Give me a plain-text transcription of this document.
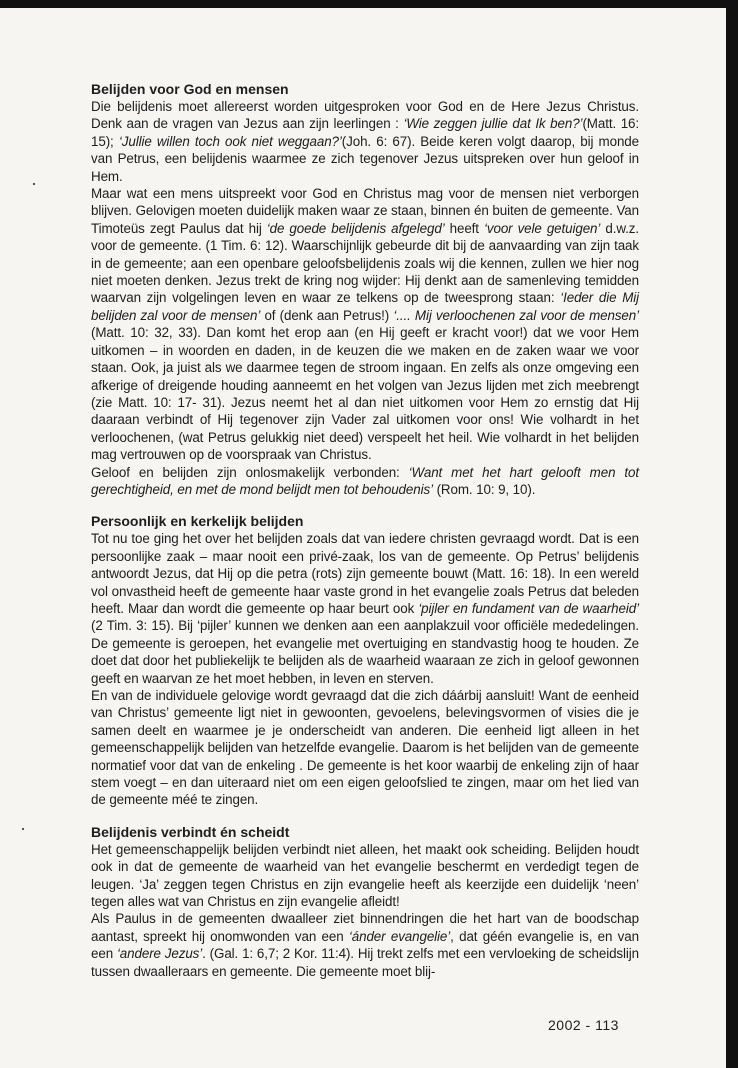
Belijden voor God en mensen

Die belijdenis moet allereerst worden uitgesproken voor God en de Here Jezus Christus. Denk aan de vragen van Jezus aan zijn leerlingen : ‘Wie zeggen jullie dat Ik ben?’(Matt. 16: 15); ‘Jullie willen toch ook niet weggaan?’(Joh. 6: 67). Beide keren volgt daarop, bij monde van Petrus, een belijdenis waarmee ze zich tegenover Jezus uitspreken over hun geloof in Hem.

Maar wat een mens uitspreekt voor God en Christus mag voor de mensen niet verborgen blijven. Gelovigen moeten duidelijk maken waar ze staan, binnen én buiten de gemeente. Van Timoteüs zegt Paulus dat hij ‘de goede belijdenis afgelegd’ heeft ‘voor vele getuigen’ d.w.z. voor de gemeente. (1 Tim. 6: 12). Waarschijnlijk gebeurde dit bij de aanvaarding van zijn taak in de gemeente; aan een openbare geloofsbelijdenis zoals wij die kennen, zullen we hier nog niet moeten denken. Jezus trekt de kring nog wijder: Hij denkt aan de samenleving temidden waarvan zijn volgelingen leven en waar ze telkens op de tweesprong staan: ‘Ieder die Mij belijden zal voor de mensen’ of (denk aan Petrus!) ‘.... Mij verloochenen zal voor de mensen’ (Matt. 10: 32, 33). Dan komt het erop aan (en Hij geeft er kracht voor!) dat we voor Hem uitkomen – in woorden en daden, in de keuzen die we maken en de zaken waar we voor staan. Ook, ja juist als we daarmee tegen de stroom ingaan. En zelfs als onze omgeving een afkerige of dreigende houding aanneemt en het volgen van Jezus lijden met zich meebrengt (zie Matt. 10: 17- 31). Jezus neemt het al dan niet uitkomen voor Hem zo ernstig dat Hij daaraan verbindt of Hij tegenover zijn Vader zal uitkomen voor ons! Wie volhardt in het verloochenen, (wat Petrus gelukkig niet deed) verspeelt het heil. Wie volhardt in het belijden mag vertrouwen op de voorspraak van Christus.

Geloof en belijden zijn onlosmakelijk verbonden: ‘Want met het hart gelooft men tot gerechtigheid, en met de mond belijdt men tot behoudenis’ (Rom. 10: 9, 10).

Persoonlijk en kerkelijk belijden

Tot nu toe ging het over het belijden zoals dat van iedere christen gevraagd wordt. Dat is een persoonlijke zaak – maar nooit een privé-zaak, los van de gemeente. Op Petrus’ belijdenis antwoordt Jezus, dat Hij op die petra (rots) zijn gemeente bouwt (Matt. 16: 18). In een wereld vol onvastheid heeft de gemeente haar vaste grond in het evangelie zoals Petrus dat beleden heeft. Maar dan wordt die gemeente op haar beurt ook ‘pijler en fundament van de waarheid’ (2 Tim. 3: 15). Bij ‘pijler’ kunnen we denken aan een aanplakzuil voor officiële mededelingen. De gemeente is geroepen, het evangelie met overtuiging en standvastig hoog te houden. Ze doet dat door het publiekelijk te belijden als de waarheid waaraan ze zich in geloof gewonnen geeft en waarvan ze het moet hebben, in leven en sterven.

En van de individuele gelovige wordt gevraagd dat die zich dáárbij aansluit! Want de eenheid van Christus’ gemeente ligt niet in gewoonten, gevoelens, belevingsvormen of visies die je samen deelt en waarmee je je onderscheidt van anderen. Die eenheid ligt alleen in het gemeenschappelijk belijden van hetzelfde evangelie. Daarom is het belijden van de gemeente normatief voor dat van de enkeling . De gemeente is het koor waarbij de enkeling zijn of haar stem voegt – en dan uiteraard niet om een eigen geloofslied te zingen, maar om het lied van de gemeente méé te zingen.

Belijdenis verbindt én scheidt

Het gemeenschappelijk belijden verbindt niet alleen, het maakt ook scheiding. Belijden houdt ook in dat de gemeente de waarheid van het evangelie beschermt en verdedigt tegen de leugen. ‘Ja’ zeggen tegen Christus en zijn evangelie heeft als keerzijde een duidelijk ‘neen’ tegen alles wat van Christus en zijn evangelie afleidt!

Als Paulus in de gemeenten dwaalleer ziet binnendringen die het hart van de boodschap aantast, spreekt hij onomwonden van een ‘ánder evangelie’, dat géén evangelie is, en van een ‘andere Jezus’. (Gal. 1: 6,7; 2 Kor. 11:4). Hij trekt zelfs met een vervloeking de scheidslijn tussen dwaalleraars en gemeente. Die gemeente moet blij-

2002 - 113
